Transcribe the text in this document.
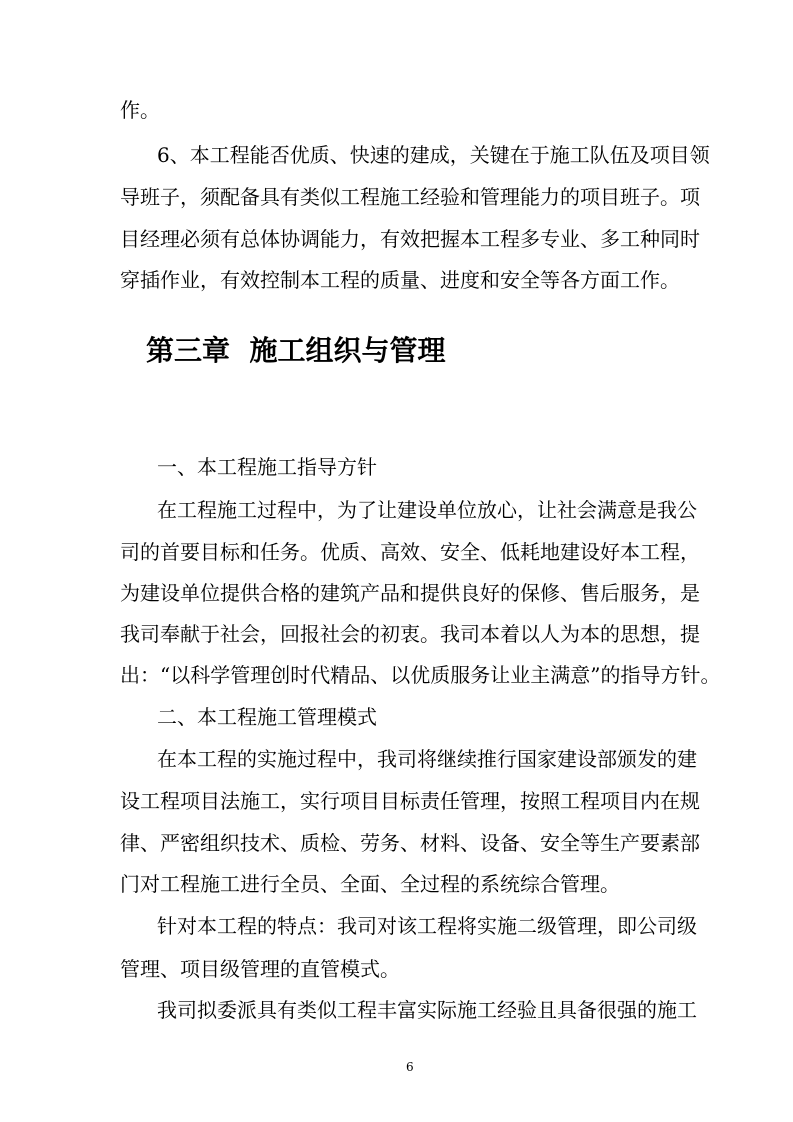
作。
6、本工程能否优质、快速的建成，关键在于施工队伍及项目领
导班子，须配备具有类似工程施工经验和管理能力的项目班子。项
目经理必须有总体协调能力，有效把握本工程多专业、多工种同时
穿插作业，有效控制本工程的质量、进度和安全等各方面工作。
第三章  施工组织与管理
一、本工程施工指导方针
在工程施工过程中，为了让建设单位放心，让社会满意是我公
司的首要目标和任务。优质、高效、安全、低耗地建设好本工程，
为建设单位提供合格的建筑产品和提供良好的保修、售后服务，是
我司奉献于社会，回报社会的初衷。我司本着以人为本的思想，提
出：“以科学管理创时代精品、以优质服务让业主满意”的指导方针。
二、本工程施工管理模式
在本工程的实施过程中，我司将继续推行国家建设部颁发的建
设工程项目法施工，实行项目目标责任管理，按照工程项目内在规
律、严密组织技术、质检、劳务、材料、设备、安全等生产要素部
门对工程施工进行全员、全面、全过程的系统综合管理。
针对本工程的特点：我司对该工程将实施二级管理，即公司级
管理、项目级管理的直管模式。
我司拟委派具有类似工程丰富实际施工经验且具备很强的施工
6
